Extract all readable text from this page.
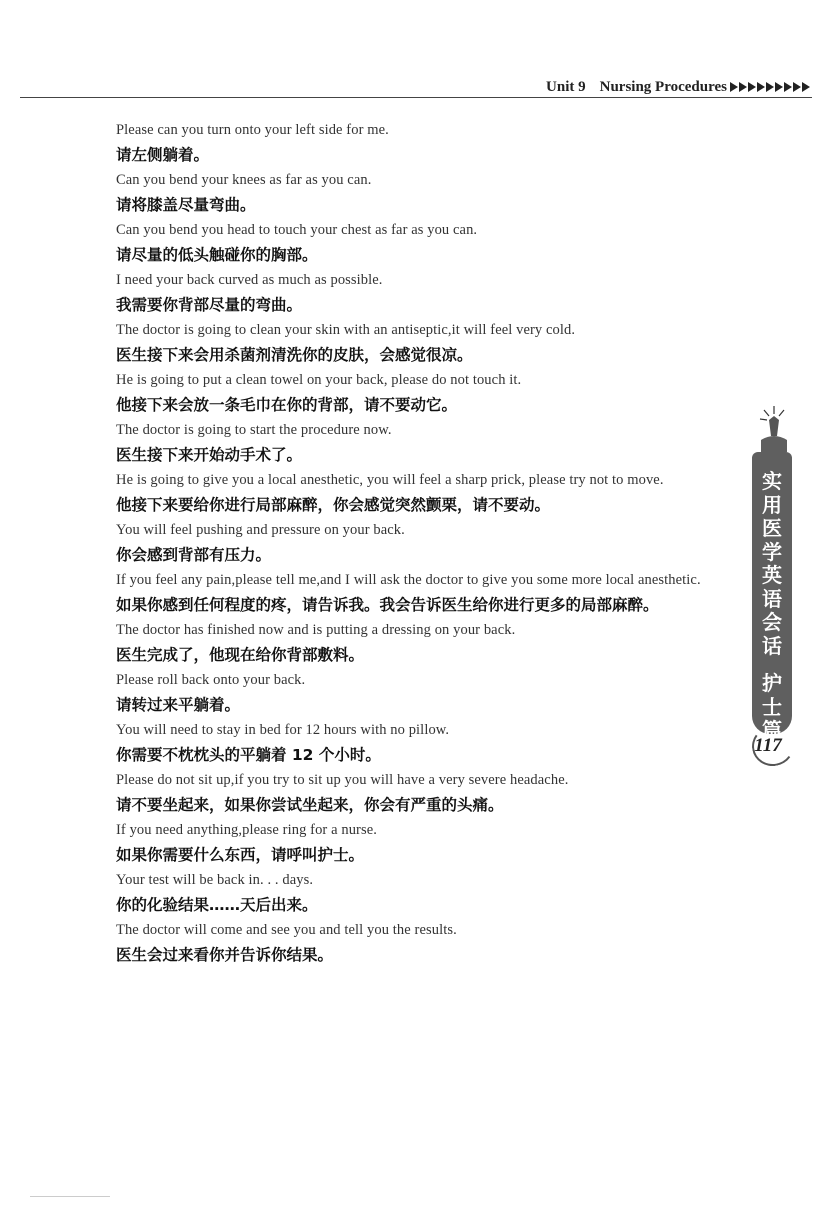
Unit 9 Nursing Procedures
Please can you turn onto your left side for me.
请左侧躺着。
Can you bend your knees as far as you can.
请将膝盖尽量弯曲。
Can you bend you head to touch your chest as far as you can.
请尽量的低头触碰你的胸部。
I need your back curved as much as possible.
我需要你背部尽量的弯曲。
The doctor is going to clean your skin with an antiseptic,it will feel very cold.
医生接下来会用杀菌剂清洗你的皮肤，会感觉很凉。
He is going to put a clean towel on your back, please do not touch it.
他接下来会放一条毛巾在你的背部，请不要动它。
The doctor is going to start the procedure now.
医生接下来开始动手术了。
He is going to give you a local anesthetic, you will feel a sharp prick, please try not to move.
他接下来要给你进行局部麻醉，你会感觉突然颤栗，请不要动。
You will feel pushing and pressure on your back.
你会感到背部有压力。
If you feel any pain,please tell me,and I will ask the doctor to give you some more local anesthetic.
如果你感到任何程度的疼，请告诉我。我会告诉医生给你进行更多的局部麻醉。
The doctor has finished now and is putting a dressing on your back.
医生完成了，他现在给你背部敷料。
Please roll back onto your back.
请转过来平躺着。
You will need to stay in bed for 12 hours with no pillow.
你需要不枕枕头的平躺着 12 个小时。
Please do not sit up,if you try to sit up you will have a very severe headache.
请不要坐起来，如果你尝试坐起来，你会有严重的头痛。
If you need anything,please ring for a nurse.
如果你需要什么东西，请呼叫护士。
Your test will be back in. . . days.
你的化验结果……天后出来。
The doctor will come and see you and tell you the results.
医生会过来看你并告诉你结果。
实
用
医
学
英
语
会
话
护
士
篇
117
